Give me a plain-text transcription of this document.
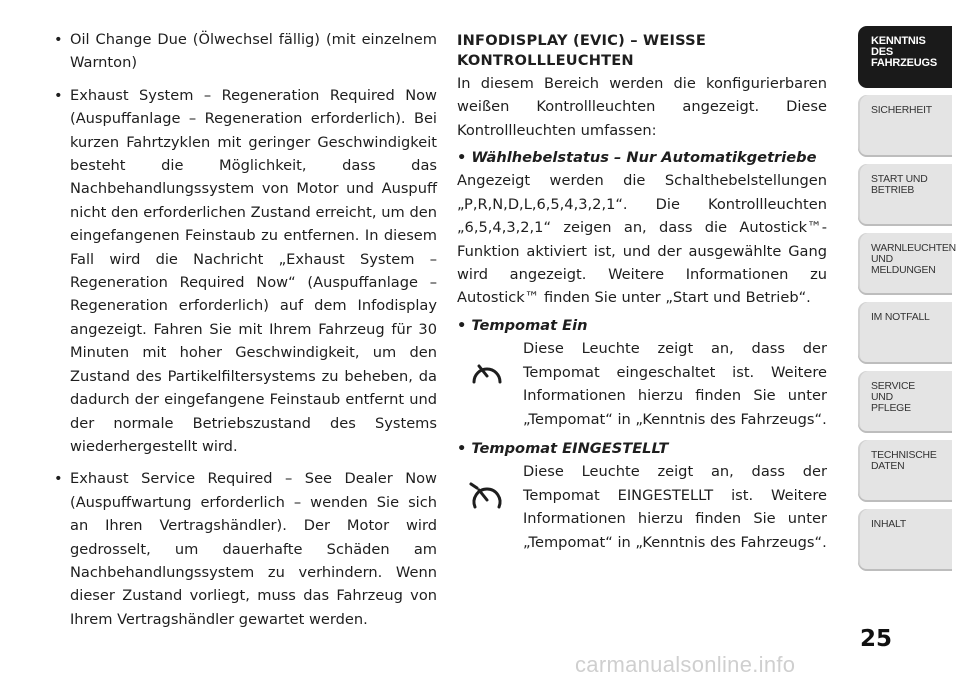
• Oil Change Due (Ölwechsel fällig) (mit einzelnem Warnton)

• Exhaust System – Regeneration Required Now (Auspuffanlage – Regeneration erforderlich). Bei kurzen Fahrtzyklen mit geringer Geschwindigkeit besteht die Möglichkeit, dass das Nachbehandlungssystem von Motor und Auspuff nicht den erforderlichen Zustand erreicht, um den eingefangenen Feinstaub zu entfernen. In diesem Fall wird die Nachricht „Exhaust System – Regeneration Required Now“ (Auspuffanlage – Regeneration erforderlich) auf dem Infodisplay angezeigt. Fahren Sie mit Ihrem Fahrzeug für 30 Minuten mit hoher Geschwindigkeit, um den Zustand des Partikelfiltersystems zu beheben, da dadurch der eingefangene Feinstaub entfernt und der normale Betriebszustand des Systems wiederhergestellt wird.

• Exhaust Service Required – See Dealer Now (Auspuffwartung erforderlich – wenden Sie sich an Ihren Vertragshändler). Der Motor wird gedrosselt, um dauerhafte Schäden am Nachbehandlungssystem zu verhindern. Wenn dieser Zustand vorliegt, muss das Fahrzeug von Ihrem Vertragshändler gewartet werden.

INFODISPLAY (EVIC) – WEISSE KONTROLLLEUCHTEN

In diesem Bereich werden die konfigurierbaren weißen Kontrollleuchten angezeigt. Diese Kontrollleuchten umfassen:

• Wählhebelstatus – Nur Automatikgetriebe

Angezeigt werden die Schalthebelstellungen „P,R,N,D,L,6,5,4,3,2,1“. Die Kontrollleuchten „6,5,4,3,2,1“ zeigen an, dass die Autostick™-Funktion aktiviert ist, und der ausgewählte Gang wird angezeigt. Weitere Informationen zu Autostick™ finden Sie unter „Start und Betrieb“.

• Tempomat Ein
Diese Leuchte zeigt an, dass der Tempomat eingeschaltet ist. Weitere Informationen hierzu finden Sie unter „Tempomat“ in „Kenntnis des Fahrzeugs“.
• Tempomat EINGESTELLT
Diese Leuchte zeigt an, dass der Tempomat EINGESTELLT ist. Weitere Informationen hierzu finden Sie unter „Tempomat“ in „Kenntnis des Fahrzeugs“.
KENNTNIS
DES
FAHRZEUGS
SICHERHEIT
START UND
BETRIEB
WARNLEUCHTEN
UND
MELDUNGEN
IM NOTFALL
SERVICE
UND
PFLEGE
TECHNISCHE
DATEN
INHALT
25
carmanualsonline.info
